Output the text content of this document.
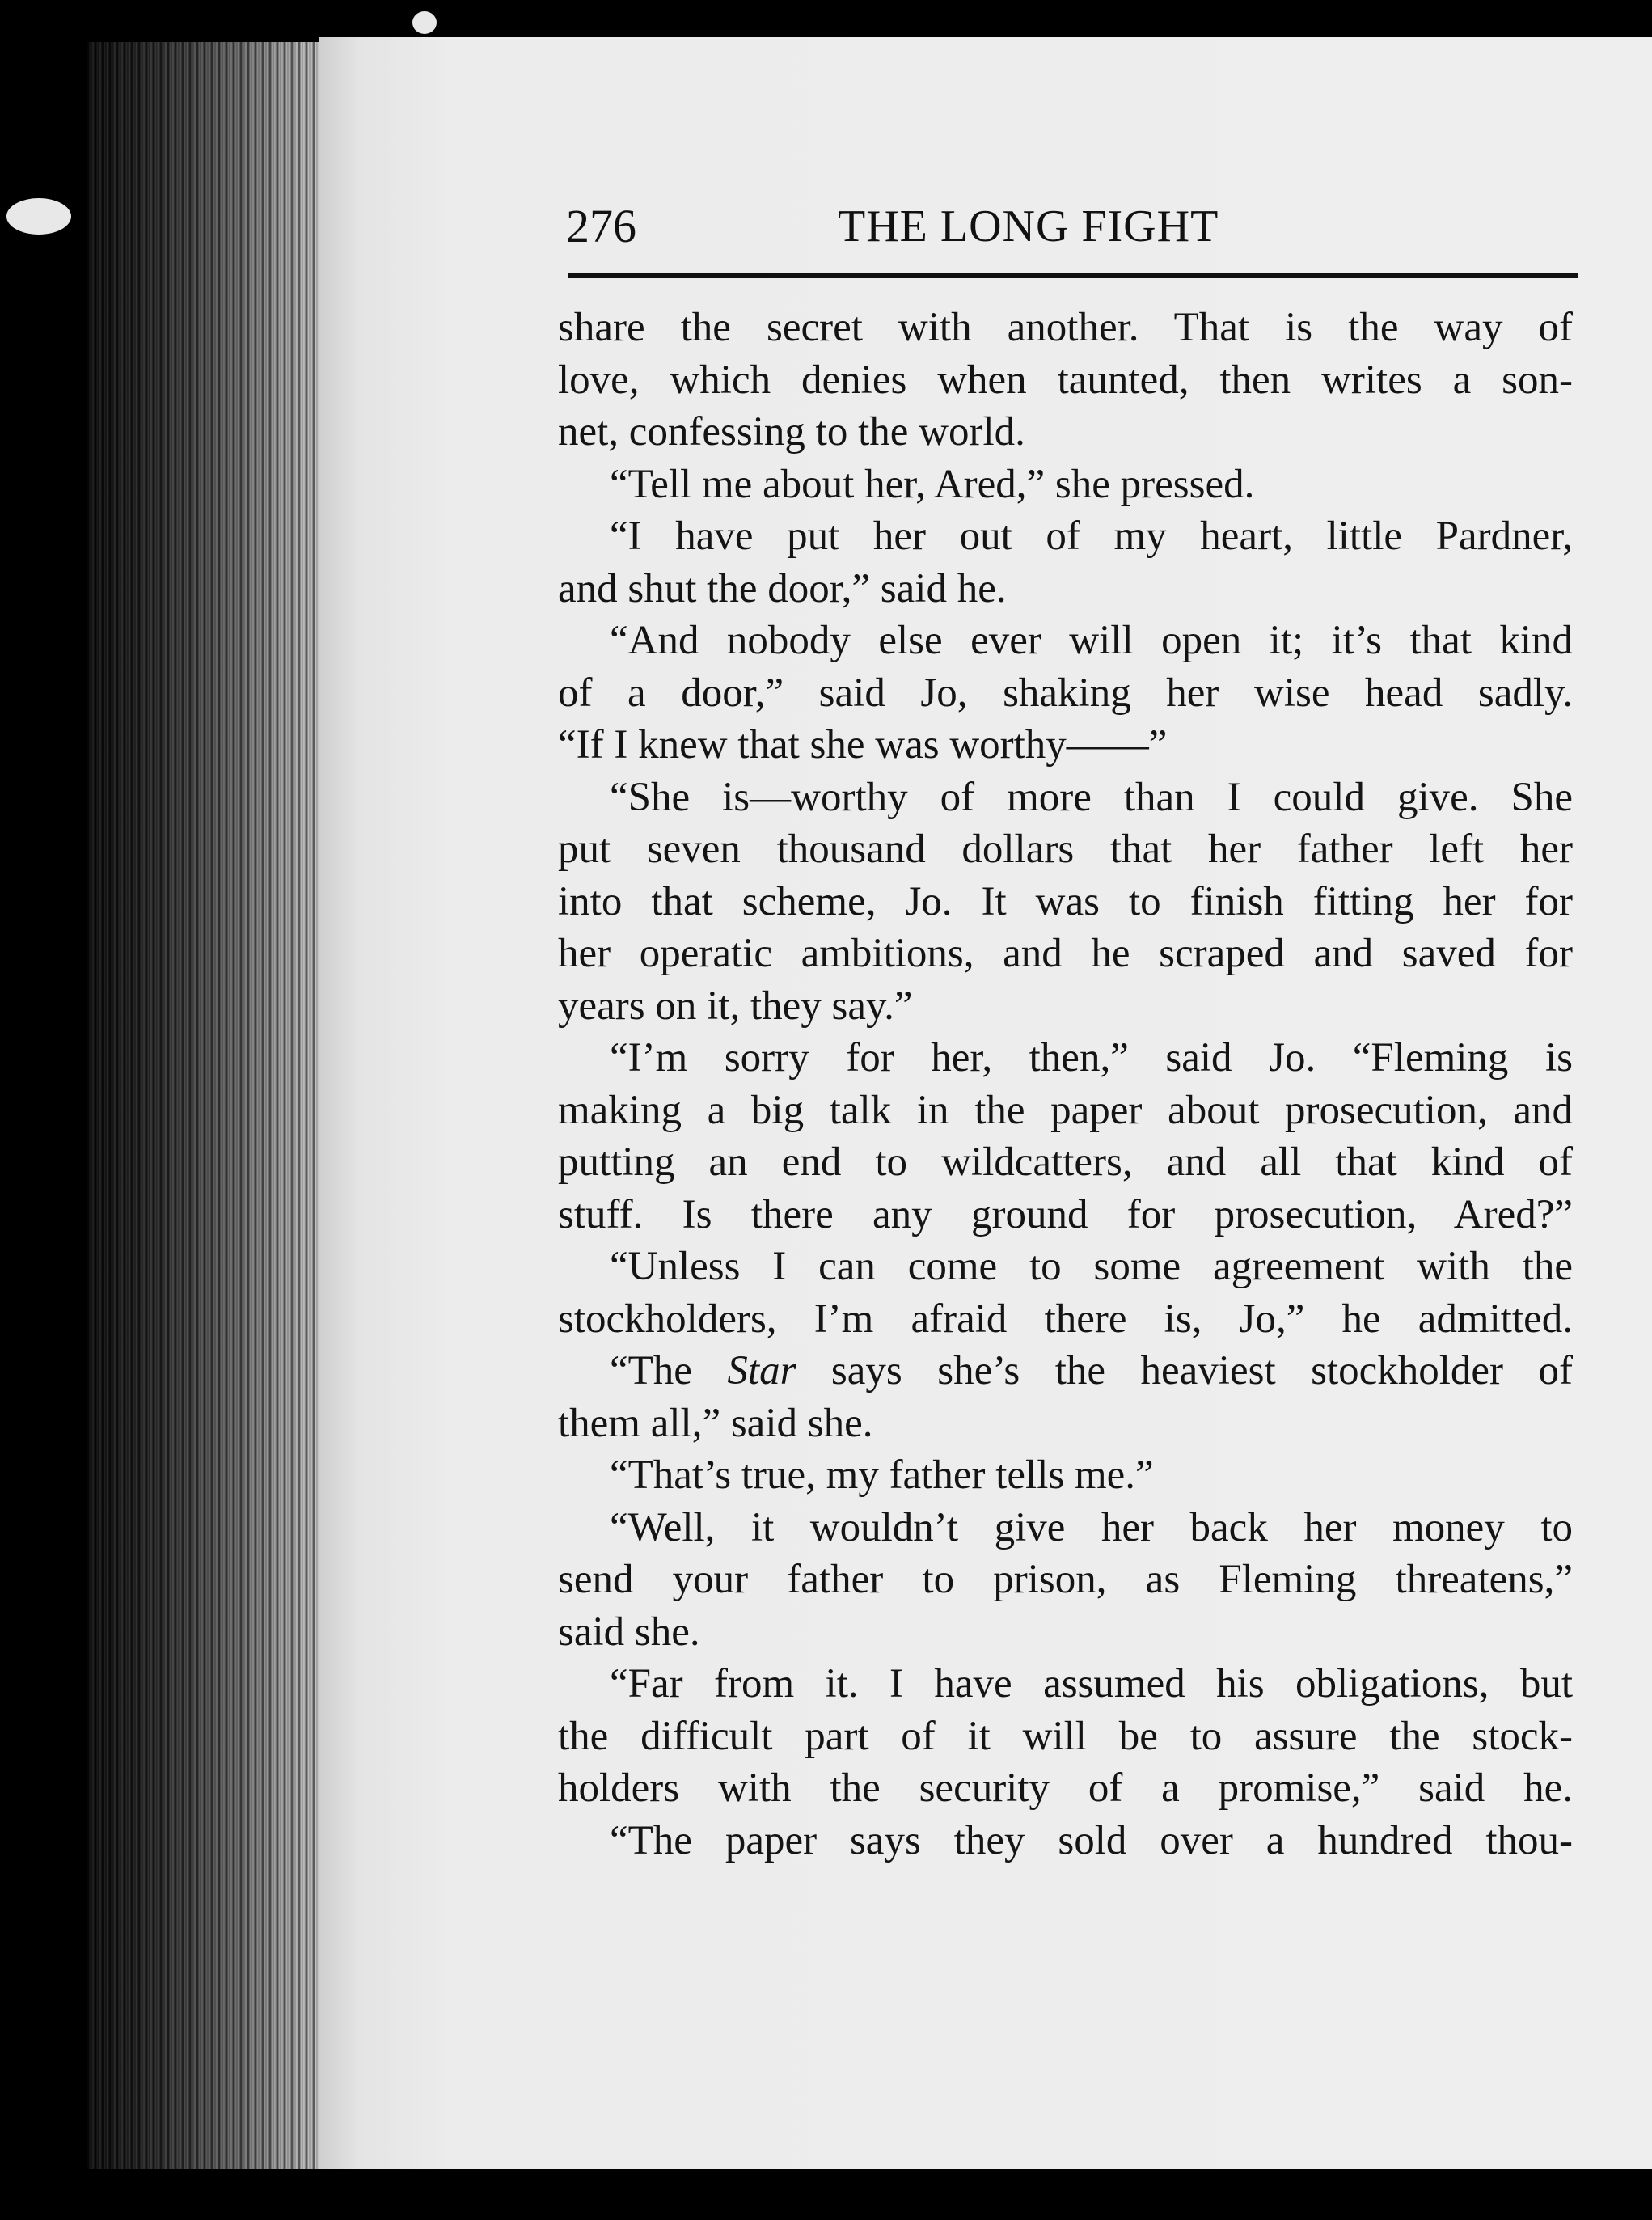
276	THE LONG FIGHT
share the secret with another. That is the way of
love, which denies when taunted, then writes a son-
net, confessing to the world.
“Tell me about her, Ared,” she pressed.
“I have put her out of my heart, little Pardner,
and shut the door,” said he.
“And nobody else ever will open it; it’s that kind
of a door,” said Jo, shaking her wise head sadly.
“If I knew that she was worthy——”
“She is—worthy of more than I could give. She
put seven thousand dollars that her father left her
into that scheme, Jo. It was to finish fitting her for
her operatic ambitions, and he scraped and saved for
years on it, they say.”
“I’m sorry for her, then,” said Jo. “Fleming is
making a big talk in the paper about prosecution, and
putting an end to wildcatters, and all that kind of
stuff. Is there any ground for prosecution, Ared?”
“Unless I can come to some agreement with the
stockholders, I’m afraid there is, Jo,” he admitted.
“The Star says she’s the heaviest stockholder of
them all,” said she.
“That’s true, my father tells me.”
“Well, it wouldn’t give her back her money to
send your father to prison, as Fleming threatens,”
said she.
“Far from it. I have assumed his obligations, but
the difficult part of it will be to assure the stock-
holders with the security of a promise,” said he.
“The paper says they sold over a hundred thou-
